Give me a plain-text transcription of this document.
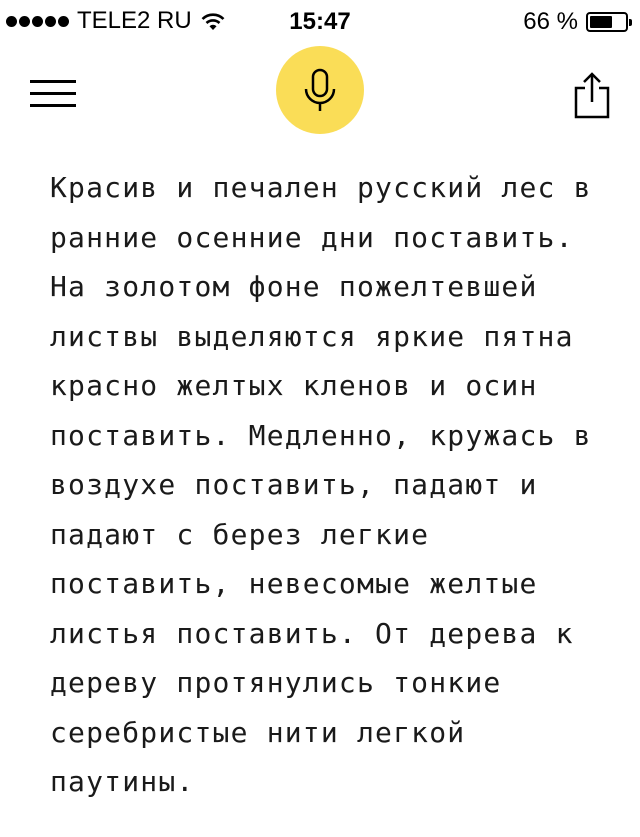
TELE2 RU	15:47	66 %
Красив и печален русский лес в
ранние осенние дни поставить.
На золотом фоне пожелтевшей
листвы выделяются яркие пятна
красно желтых кленов и осин
поставить. Медленно, кружась в
воздухе поставить, падают и
падают с берез легкие
поставить, невесомые желтые
листья поставить. От дерева к
дереву протянулись тонкие
серебристые нити легкой
паутины.
